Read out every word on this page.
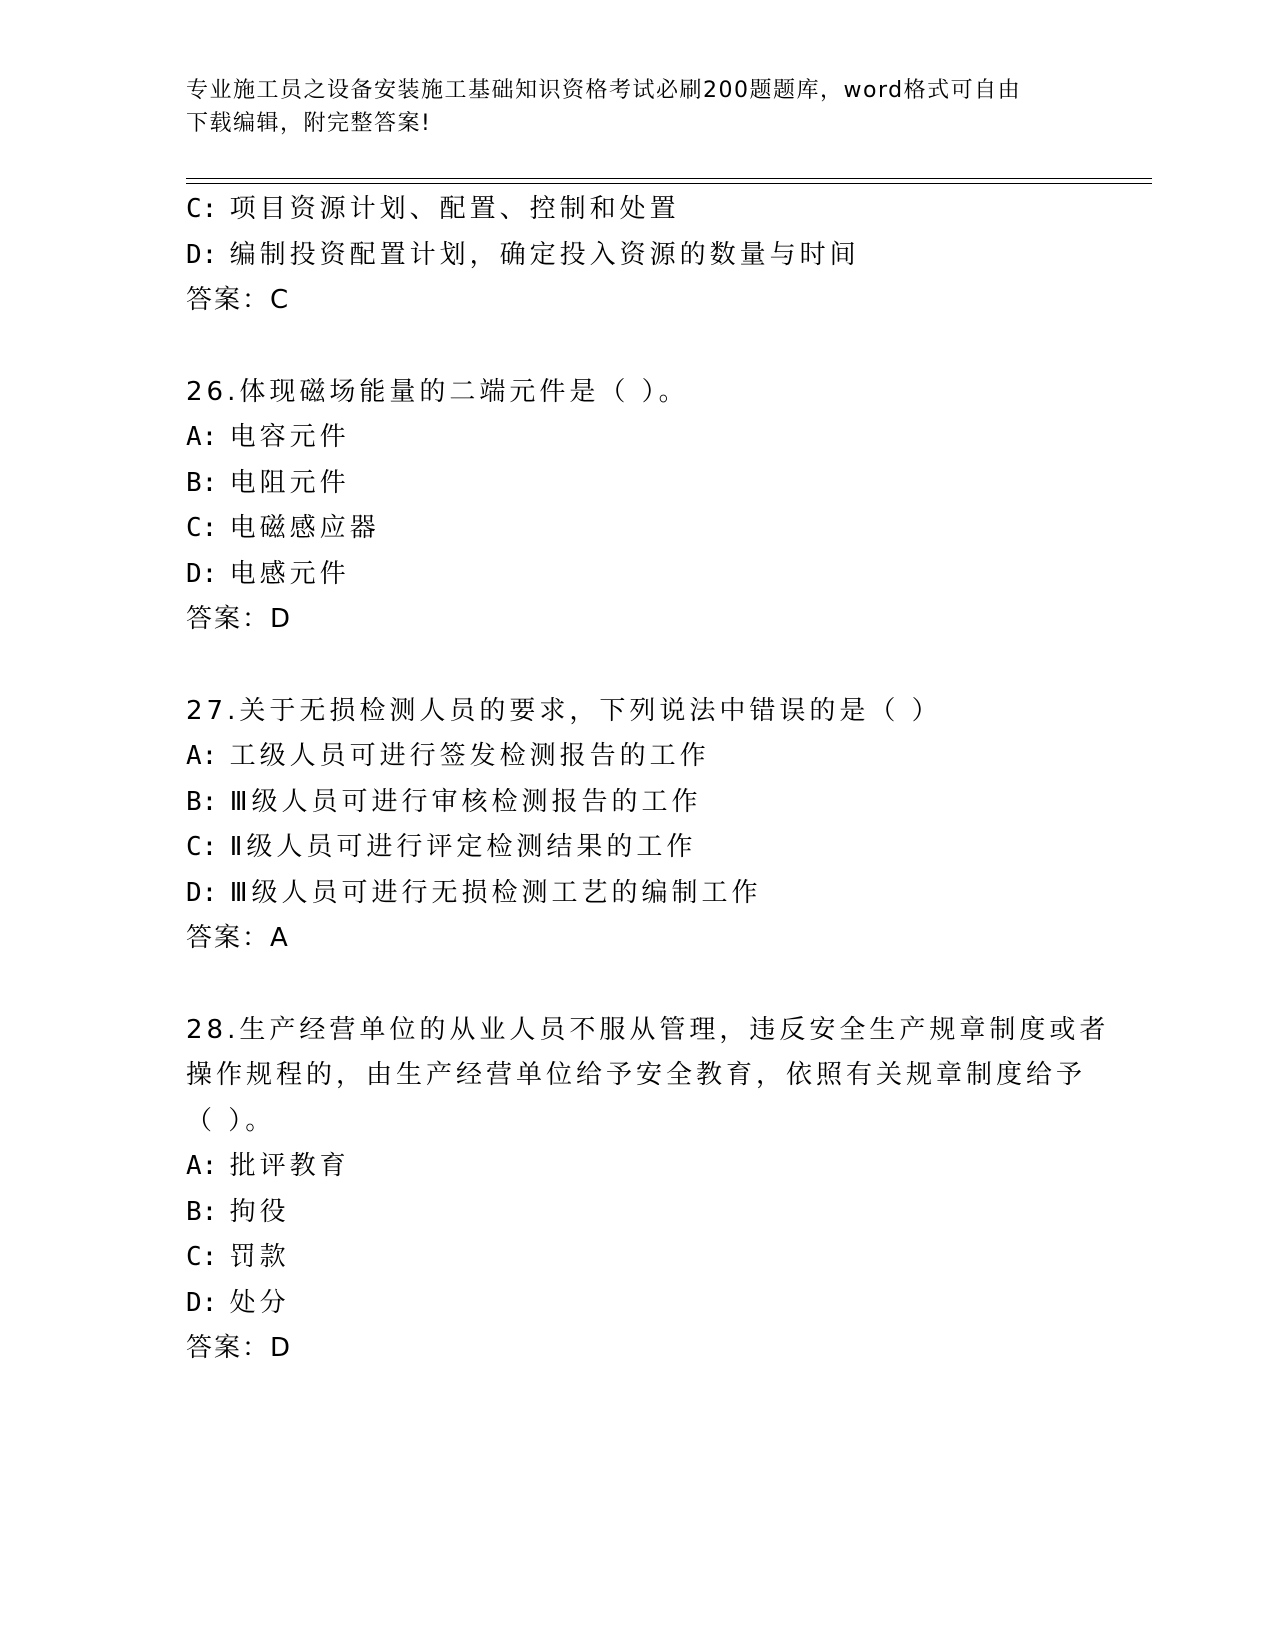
专业施工员之设备安装施工基础知识资格考试必刷200题题库，word格式可自由
下载编辑，附完整答案!
C: 项目资源计划、配置、控制和处置
D: 编制投资配置计划，确定投入资源的数量与时间
答案：C
26.体现磁场能量的二端元件是（ ）。
A: 电容元件
B: 电阻元件
C: 电磁感应器
D: 电感元件
答案：D
27.关于无损检测人员的要求，下列说法中错误的是（ ）
A: 工级人员可进行签发检测报告的工作
B: Ⅲ级人员可进行审核检测报告的工作
C: Ⅱ级人员可进行评定检测结果的工作
D: Ⅲ级人员可进行无损检测工艺的编制工作
答案：A
28.生产经营单位的从业人员不服从管理，违反安全生产规章制度或者
操作规程的，由生产经营单位给予安全教育，依照有关规章制度给予
（ ）。
A: 批评教育
B: 拘役
C: 罚款
D: 处分
答案：D
